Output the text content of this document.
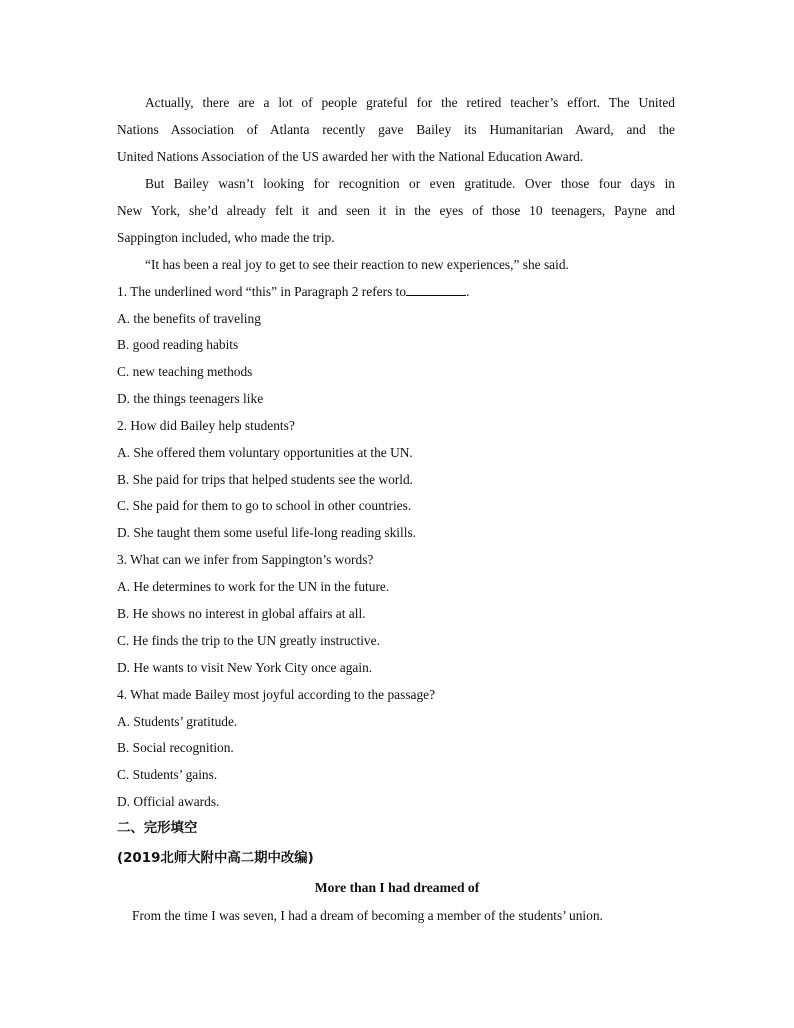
Actually, there are a lot of people grateful for the retired teacher’s effort. The United
Nations Association of Atlanta recently gave Bailey its Humanitarian Award, and the
United Nations Association of the US awarded her with the National Education Award.
But Bailey wasn’t looking for recognition or even gratitude. Over those four days in
New York, she’d already felt it and seen it in the eyes of those 10 teenagers, Payne and
Sappington included, who made the trip.
“It has been a real joy to get to see their reaction to new experiences,” she said.
1. The underlined word “this” in Paragraph 2 refers to	.
A. the benefits of traveling
B. good reading habits
C. new teaching methods
D. the things teenagers like
2. How did Bailey help students?
A. She offered them voluntary opportunities at the UN.
B. She paid for trips that helped students see the world.
C. She paid for them to go to school in other countries.
D. She taught them some useful life-long reading skills.
3. What can we infer from Sappington’s words?
A. He determines to work for the UN in the future.
B. He shows no interest in global affairs at all.
C. He finds the trip to the UN greatly instructive.
D. He wants to visit New York City once again.
4. What made Bailey most joyful according to the passage?
A. Students’ gratitude.
B. Social recognition.
C. Students’ gains.
D. Official awards.
二、完形填空
(2019北师大附中高二期中改编)
More than I had dreamed of
From the time I was seven, I had a dream of becoming a member of the students’ union.
